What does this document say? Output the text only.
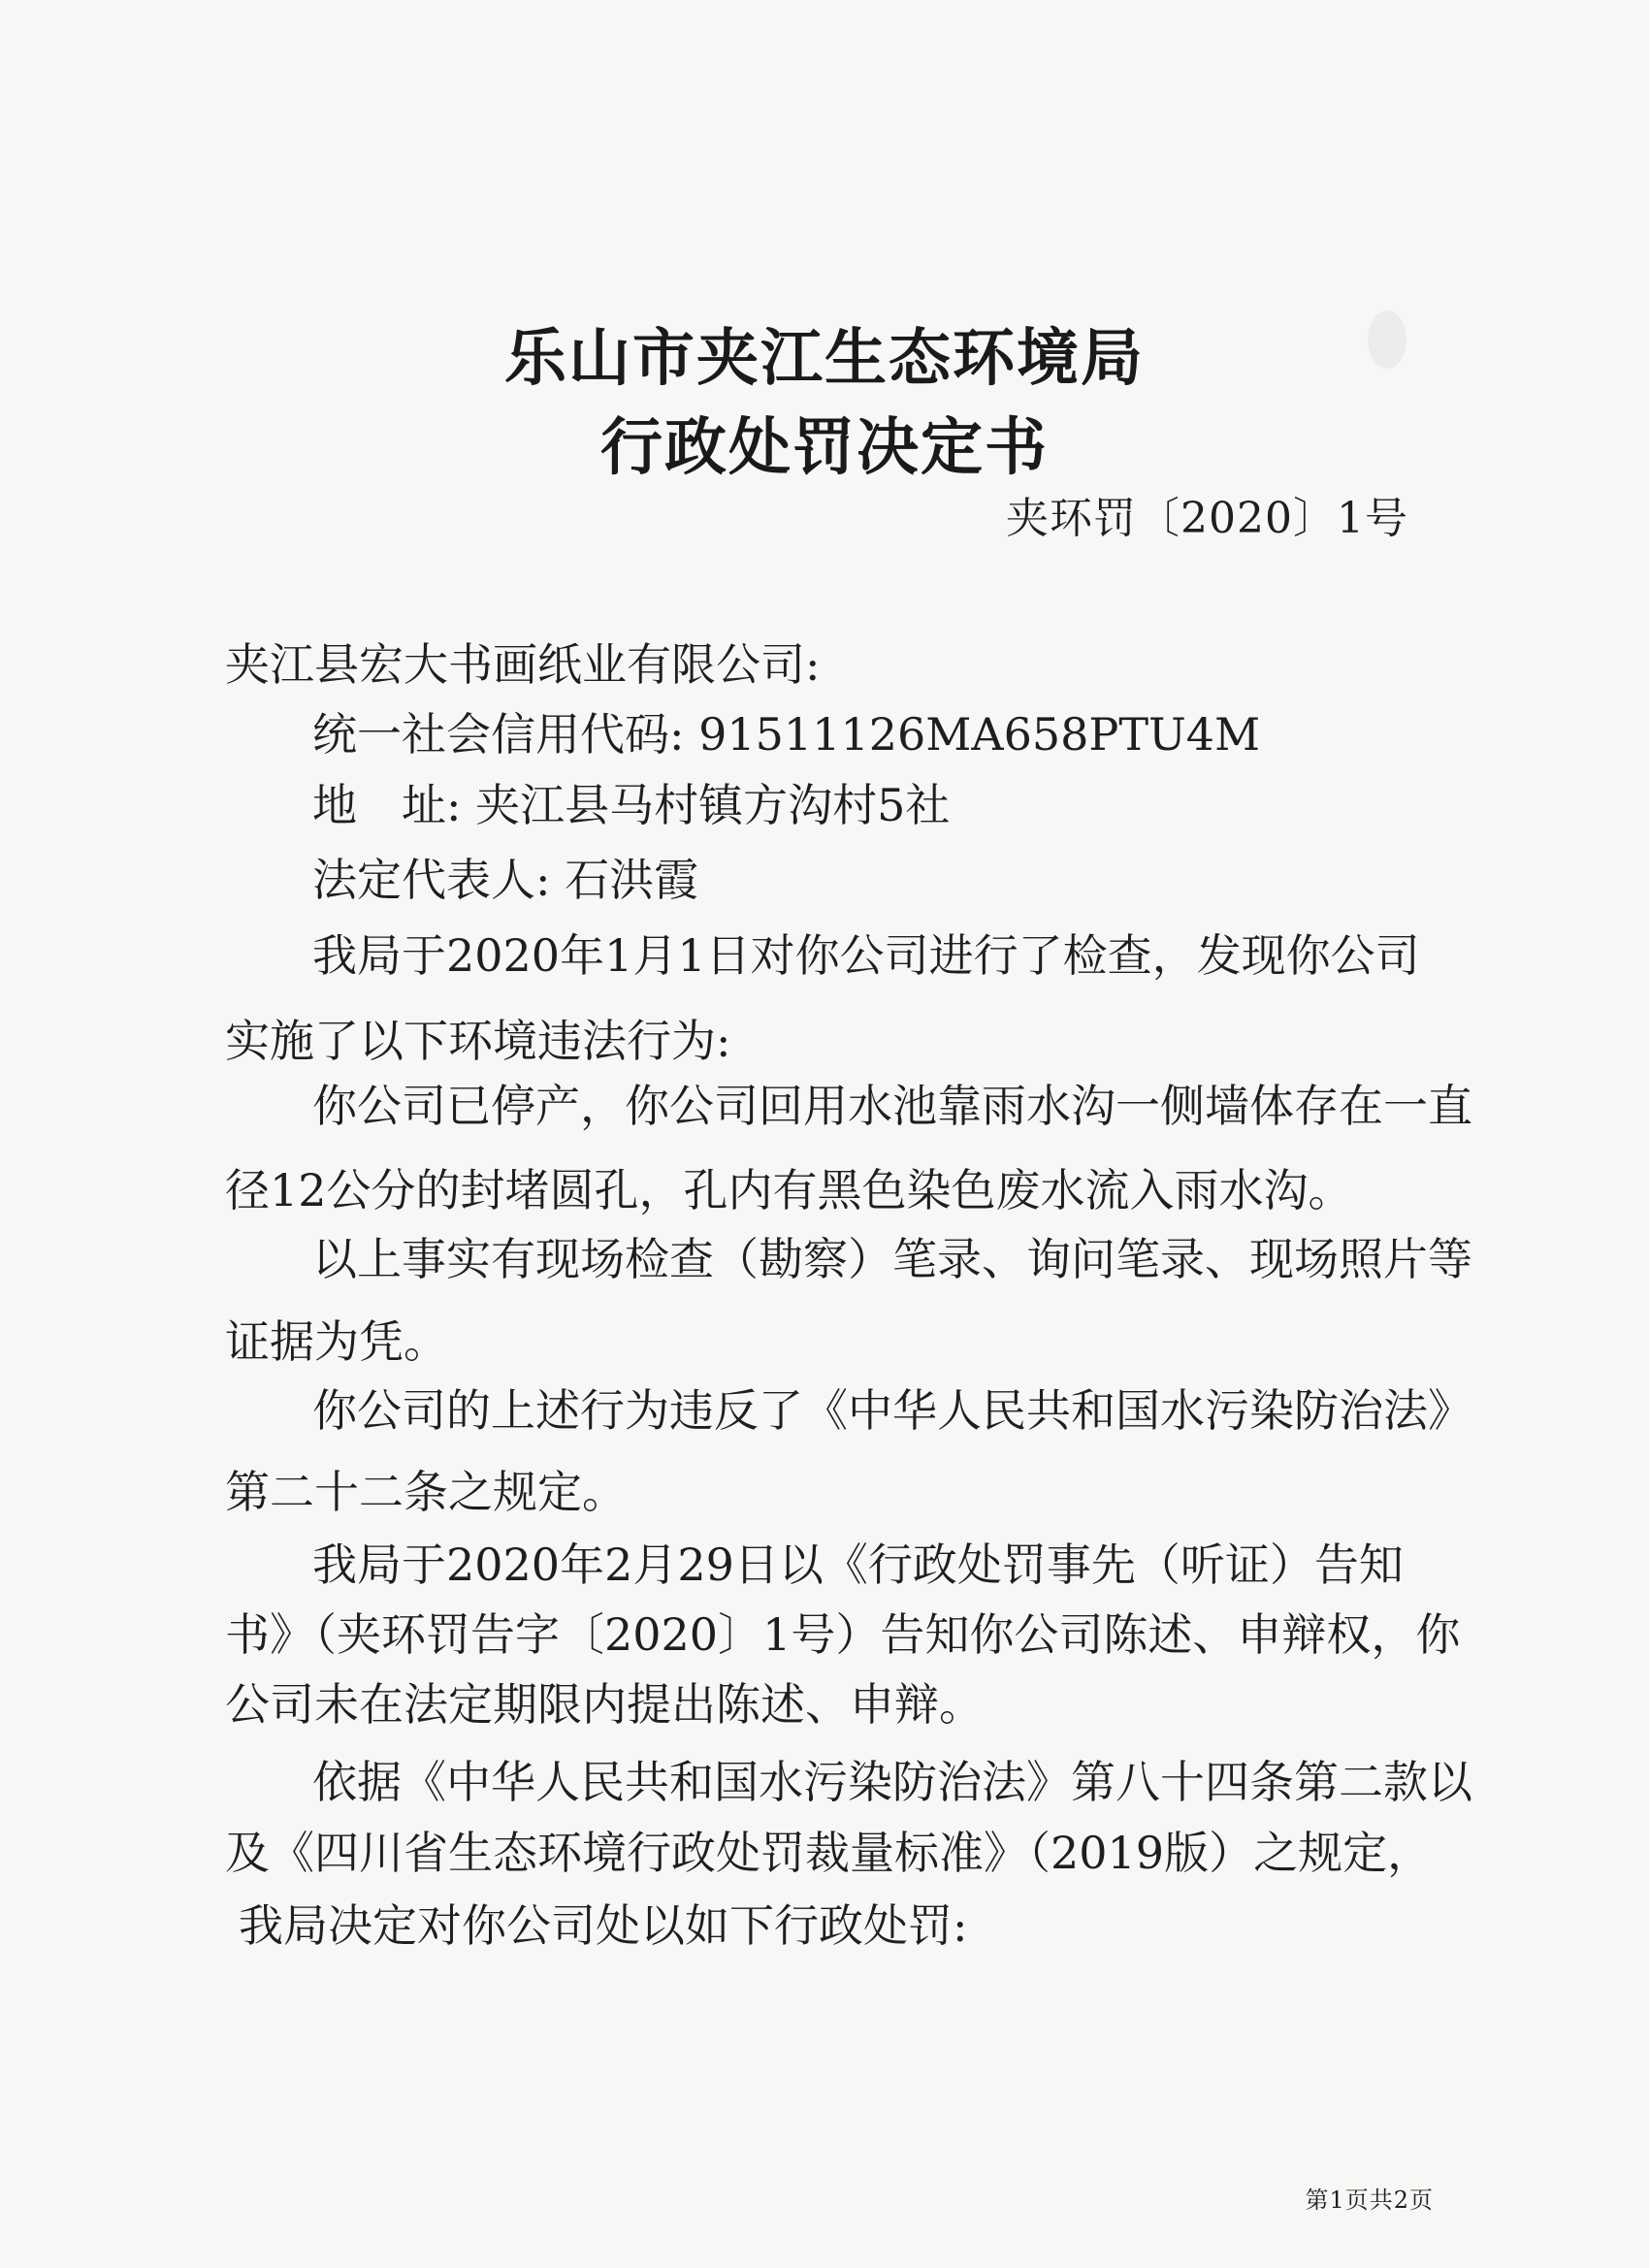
乐山市夹江生态环境局
行政处罚决定书
夹环罚〔2020〕1号
夹江县宏大书画纸业有限公司:
统一社会信用代码: 91511126MA658PTU4M
地　址: 夹江县马村镇方沟村5社
法定代表人: 石洪霞
我局于2020年1月1日对你公司进行了检查，发现你公司
实施了以下环境违法行为:
你公司已停产，你公司回用水池靠雨水沟一侧墙体存在一直
径12公分的封堵圆孔，孔内有黑色染色废水流入雨水沟。
以上事实有现场检查（勘察）笔录、询问笔录、现场照片等
证据为凭。
你公司的上述行为违反了《中华人民共和国水污染防治法》
第二十二条之规定。
我局于2020年2月29日以《行政处罚事先（听证）告知
书》（夹环罚告字〔2020〕1号）告知你公司陈述、申辩权，你
公司未在法定期限内提出陈述、申辩。
依据《中华人民共和国水污染防治法》第八十四条第二款以
及《四川省生态环境行政处罚裁量标准》（2019版）之规定，
我局决定对你公司处以如下行政处罚:
第1页共2页
